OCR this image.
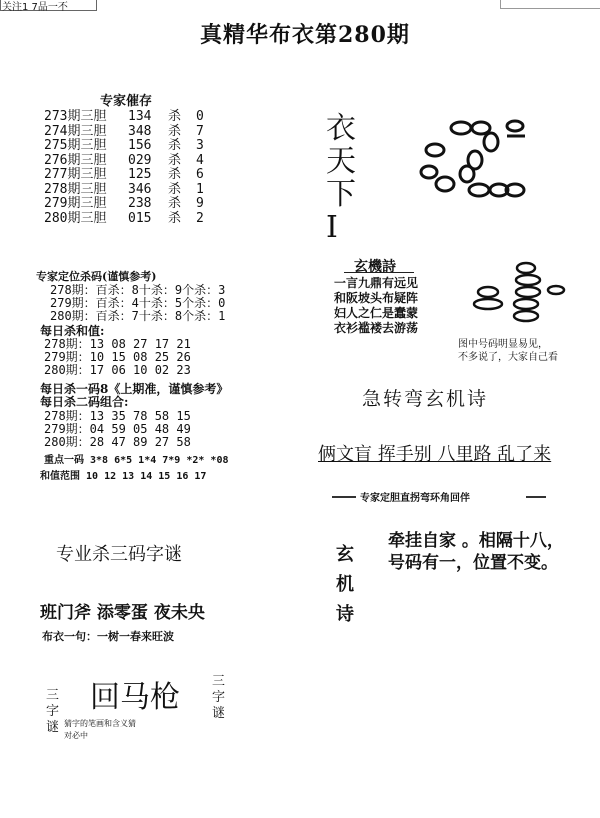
关注1 7品一不
真精华布衣第280期
专家催存
273期三胆 134 杀 0
274期三胆 348 杀 7
275期三胆 156 杀 3
276期三胆 029 杀 4
277期三胆 125 杀 6
278期三胆 346 杀 1
279期三胆 238 杀 9
280期三胆 015 杀 2
专家定位杀码(谨慎参考)
278期：百杀：8十杀：9个杀：3
279期：百杀：4十杀：5个杀：0
280期：百杀：7十杀：8个杀：1
每日杀和值:
278期：13 08 27 17 21
279期：10 15 08 25 26
280期：17 06 10 02 23
每日杀一码8《上期准，谨慎参考》
每日杀二码组合:
278期：13 35 78 58 15
279期：04 59 05 48 49
280期：28 47 89 27 58
重点一码 3*8 6*5 1*4 7*9 *2* *08
和值范围 10 12 13 14 15 16 17
专业杀三码字谜
班门斧 添零蛋 夜未央
布衣一句：一树一春来旺波
三字谜
回马枪 三字谜
猜字的笔画和含义猜
对必中
衣天下I
玄機詩
一言九鼎有远见
和阪坡头布疑阵
妇人之仁是蠢蒙
衣衫褴褛去游荡
图中号码明显易见，
不多说了，大家自己看
急转弯玄机诗
俩文盲 挥手别 八里路 乱了来
专家定胆直拐弯环角回伴
玄机诗
牵挂自家 。相隔十八，
号码有一，位置不变。
